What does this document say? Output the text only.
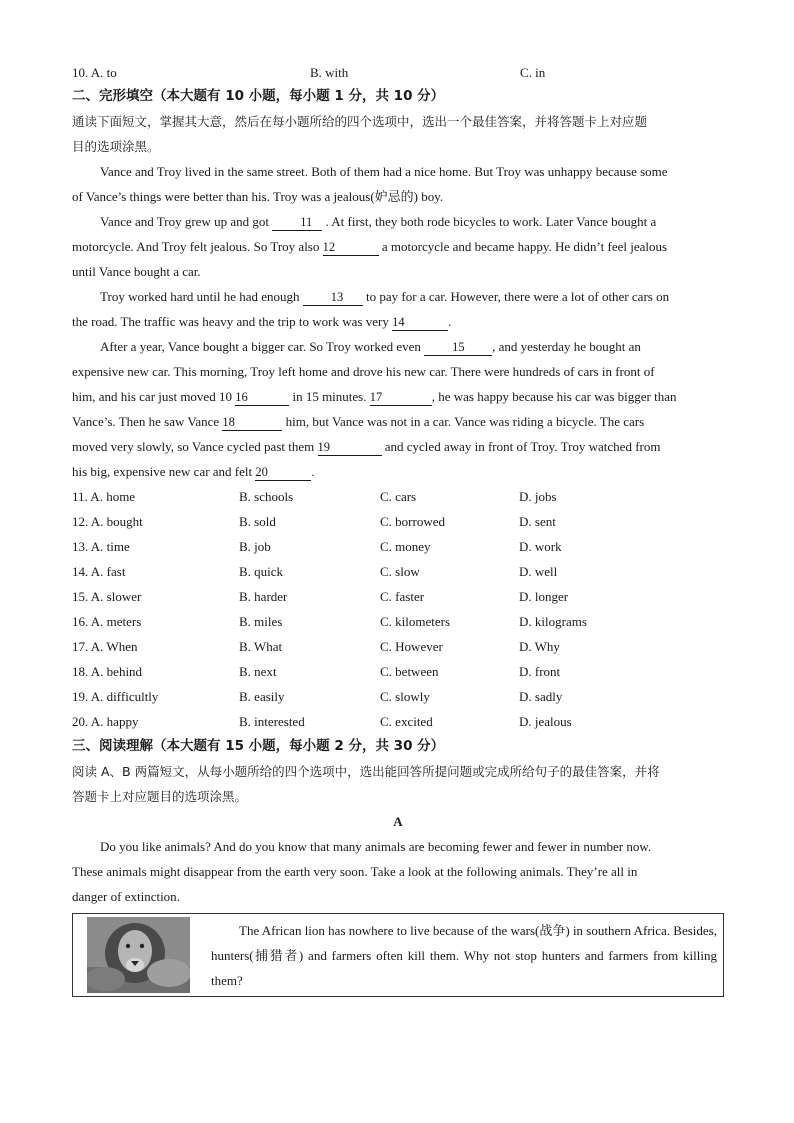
10. A. to	B. with	C. in
二、完形填空（本大题有 10 小题，每小题 1 分，共 10 分）
通读下面短文，掌握其大意，然后在每小题所给的四个选项中，选出一个最佳答案，并将答题卡上对应题
目的选项涂黑。
Vance and Troy lived in the same street. Both of them had a nice home. But Troy was unhappy because some
of Vance’s things were better than his. Troy was a jealous(妒忌的) boy.
Vance and Troy grew up and got 11 . At first, they both rode bicycles to work. Later Vance bought a
motorcycle. And Troy felt jealous. So Troy also 12	a motorcycle and became happy. He didn’t feel jealous
until Vance bought a car.
Troy worked hard until he had enough 13 to pay for a car. However, there were a lot of other cars on
the road. The traffic was heavy and the trip to work was very 14	.
After a year, Vance bought a bigger car. So Troy worked even 15 , and yesterday he bought an
expensive new car. This morning, Troy left home and drove his new car. There were hundreds of cars in front of
him, and his car just moved 10 16	in 15 minutes. 17	, he was happy because his car was bigger than
Vance’s. Then he saw Vance 18	him, but Vance was not in a car. Vance was riding a bicycle. The cars
moved very slowly, so Vance cycled past them 19	and cycled away in front of Troy. Troy watched from
his big, expensive new car and felt 20	.
11. A. home	B. schools	C. cars	D. jobs
12. A. bought	B. sold	C. borrowed	D. sent
13. A. time	B. job	C. money	D. work
14. A. fast	B. quick	C. slow	D. well
15. A. slower	B. harder	C. faster	D. longer
16. A. meters	B. miles	C. kilometers	D. kilograms
17. A. When	B. What	C. However	D. Why
18. A. behind	B. next	C. between	D. front
19. A. difficultly	B. easily	C. slowly	D. sadly
20. A. happy	B. interested	C. excited	D. jealous
三、阅读理解（本大题有 15 小题，每小题 2 分，共 30 分）
阅读 A、B 两篇短文，从每小题所给的四个选项中，选出能回答所提问题或完成所给句子的最佳答案，并将
答题卡上对应题目的选项涂黑。
A
Do you like animals? And do you know that many animals are becoming fewer and fewer in number now.
These animals might disappear from the earth very soon. Take a look at the following animals. They’re all in
danger of extinction.
The African lion has nowhere to live because of the wars(战争) in southern Africa. Besides, hunters(捕猎者) and farmers often kill them. Why not stop hunters and farmers from killing them?
